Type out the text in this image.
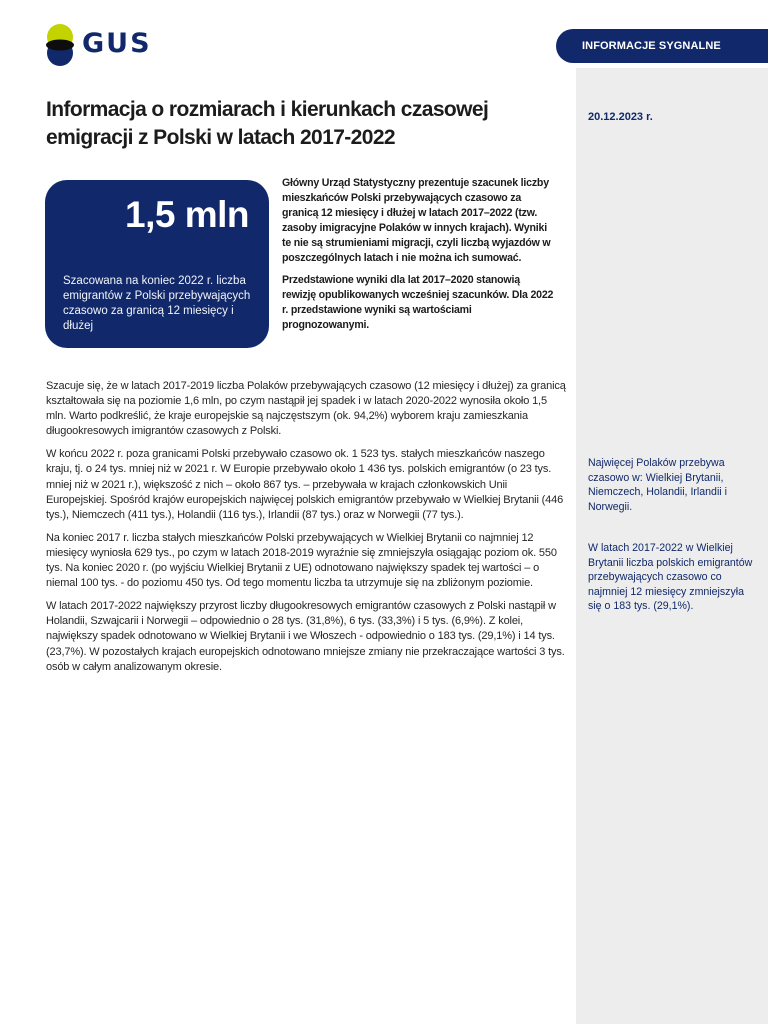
GUS	INFORMACJE SYGNALNE
Informacja o rozmiarach i kierunkach czasowej emigracji z Polski w latach 2017-2022
20.12.2023 r.
1,5 mln
Szacowana na koniec 2022 r. liczba emigrantów z Polski przebywających czasowo za granicą 12 miesięcy i dłużej

Główny Urząd Statystyczny prezentuje szacunek liczby mieszkańców Polski przebywających czasowo za granicą 12 miesięcy i dłużej w latach 2017–2022 (tzw. zasoby imigracyjne Polaków w innych krajach). Wyniki te nie są strumieniami migracji, czyli liczbą wyjazdów w poszczególnych latach i nie można ich sumować.

Przedstawione wyniki dla lat 2017–2020 stanowią rewizję opublikowanych wcześniej szacunków. Dla 2022 r. przedstawione wyniki są wartościami prognozowanymi.

Szacuje się, że w latach 2017-2019 liczba Polaków przebywających czasowo (12 miesięcy i dłużej) za granicą kształtowała się na poziomie 1,6 mln, po czym nastąpił jej spadek i w latach 2020-2022 wynosiła około 1,5 mln. Warto podkreślić, że kraje europejskie są najczęstszym (ok. 94,2%) wyborem kraju zamieszkania długookresowych imigrantów czasowych z Polski.

W końcu 2022 r. poza granicami Polski przebywało czasowo ok. 1 523 tys. stałych mieszkańców naszego kraju, tj. o 24 tys. mniej niż w 2021 r. W Europie przebywało około 1 436 tys. polskich emigrantów (o 23 tys. mniej niż w 2021 r.), większość z nich – około 867 tys. – przebywała w krajach członkowskich Unii Europejskiej. Spośród krajów europejskich najwięcej polskich emigrantów przebywało w Wielkiej Brytanii (446 tys.), Niemczech (411 tys.), Holandii (116 tys.), Irlandii (87 tys.) oraz w Norwegii (77 tys.).

Na koniec 2017 r. liczba stałych mieszkańców Polski przebywających w Wielkiej Brytanii co najmniej 12 miesięcy wyniosła 629 tys., po czym w latach 2018-2019 wyraźnie się zmniejszyła osiągając poziom ok. 550 tys. Na koniec 2020 r. (po wyjściu Wielkiej Brytanii z UE) odnotowano największy spadek tej wartości – o niemal 100 tys. - do poziomu 450 tys. Od tego momentu liczba ta utrzymuje się na zbliżonym poziomie.

W latach 2017-2022 największy przyrost liczby długookresowych emigrantów czasowych z Polski nastąpił w Holandii, Szwajcarii i Norwegii – odpowiednio o 28 tys. (31,8%), 6 tys. (33,3%) i 5 tys. (6,9%). Z kolei, największy spadek odnotowano w Wielkiej Brytanii i we Włoszech - odpowiednio o 183 tys. (29,1%) i 14 tys. (23,7%). W pozostałych krajach europejskich odnotowano mniejsze zmiany nie przekraczające wartości 3 tys. osób w całym analizowanym okresie.

Najwięcej Polaków przebywa czasowo w: Wielkiej Brytanii, Niemczech, Holandii, Irlandii i Norwegii.
W latach 2017-2022 w Wielkiej Brytanii liczba polskich emigrantów przebywających czasowo co najmniej 12 miesięcy zmniejszyła się o 183 tys. (29,1%).
